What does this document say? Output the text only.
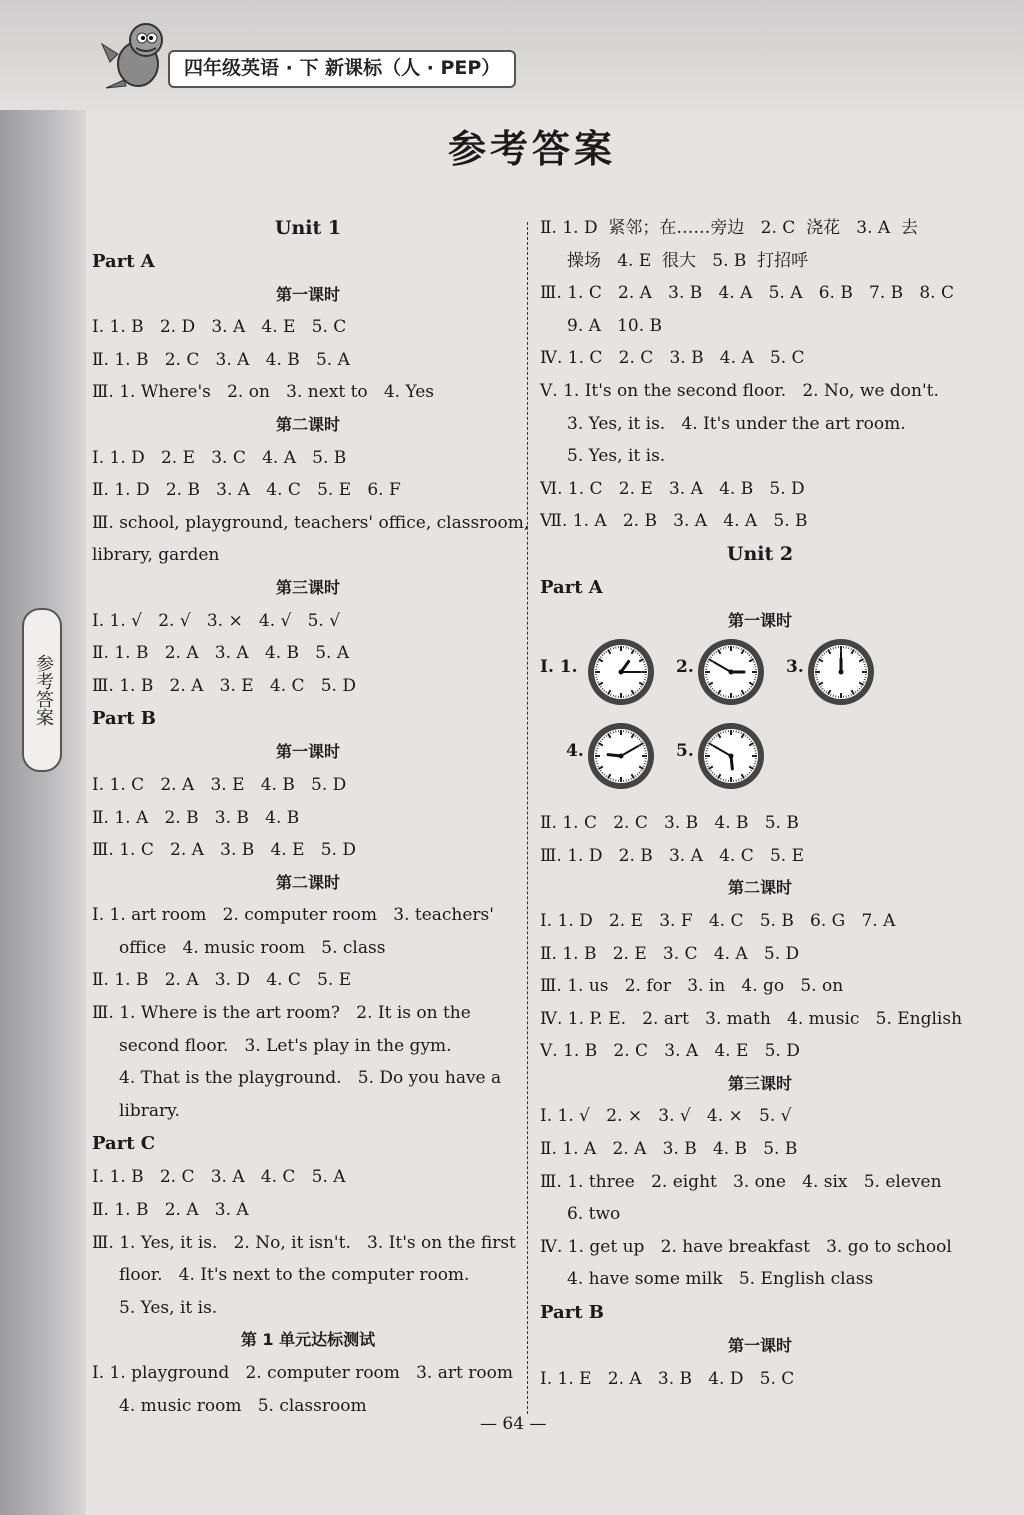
四年级英语 · 下 新课标（人 · PEP）
参考答案
参考答案
Unit 1
Part A
第一课时
Ⅰ. 1. B   2. D   3. A   4. E   5. C
Ⅱ. 1. B   2. C   3. A   4. B   5. A
Ⅲ. 1. Where's   2. on   3. next to   4. Yes
第二课时
Ⅰ. 1. D   2. E   3. C   4. A   5. B
Ⅱ. 1. D   2. B   3. A   4. C   5. E   6. F
Ⅲ. school, playground, teachers' office, classroom,
library, garden
第三课时
Ⅰ. 1. √   2. √   3. ×   4. √   5. √
Ⅱ. 1. B   2. A   3. A   4. B   5. A
Ⅲ. 1. B   2. A   3. E   4. C   5. D
Part B
第一课时
Ⅰ. 1. C   2. A   3. E   4. B   5. D
Ⅱ. 1. A   2. B   3. B   4. B
Ⅲ. 1. C   2. A   3. B   4. E   5. D
第二课时
Ⅰ. 1. art room   2. computer room   3. teachers'
office   4. music room   5. class
Ⅱ. 1. B   2. A   3. D   4. C   5. E
Ⅲ. 1. Where is the art room?   2. It is on the
second floor.   3. Let's play in the gym.
4. That is the playground.   5. Do you have a
library.
Part C
Ⅰ. 1. B   2. C   3. A   4. C   5. A
Ⅱ. 1. B   2. A   3. A
Ⅲ. 1. Yes, it is.   2. No, it isn't.   3. It's on the first
floor.   4. It's next to the computer room.
5. Yes, it is.
第 1 单元达标测试
Ⅰ. 1. playground   2. computer room   3. art room
4. music room   5. classroom
Ⅱ. 1. D  紧邻；在……旁边   2. C  浇花   3. A  去
操场   4. E  很大   5. B  打招呼
Ⅲ. 1. C   2. A   3. B   4. A   5. A   6. B   7. B   8. C
9. A   10. B
Ⅳ. 1. C   2. C   3. B   4. A   5. C
Ⅴ. 1. It's on the second floor.   2. No, we don't.
3. Yes, it is.   4. It's under the art room.
5. Yes, it is.
Ⅵ. 1. C   2. E   3. A   4. B   5. D
Ⅶ. 1. A   2. B   3. A   4. A   5. B
Unit 2
Part A
第一课时
Ⅰ. 1.	2.	3.
4.	5.
Ⅱ. 1. C   2. C   3. B   4. B   5. B
Ⅲ. 1. D   2. B   3. A   4. C   5. E
第二课时
Ⅰ. 1. D   2. E   3. F   4. C   5. B   6. G   7. A
Ⅱ. 1. B   2. E   3. C   4. A   5. D
Ⅲ. 1. us   2. for   3. in   4. go   5. on
Ⅳ. 1. P. E.   2. art   3. math   4. music   5. English
Ⅴ. 1. B   2. C   3. A   4. E   5. D
第三课时
Ⅰ. 1. √   2. ×   3. √   4. ×   5. √
Ⅱ. 1. A   2. A   3. B   4. B   5. B
Ⅲ. 1. three   2. eight   3. one   4. six   5. eleven
6. two
Ⅳ. 1. get up   2. have breakfast   3. go to school
4. have some milk   5. English class
Part B
第一课时
Ⅰ. 1. E   2. A   3. B   4. D   5. C
— 64 —
